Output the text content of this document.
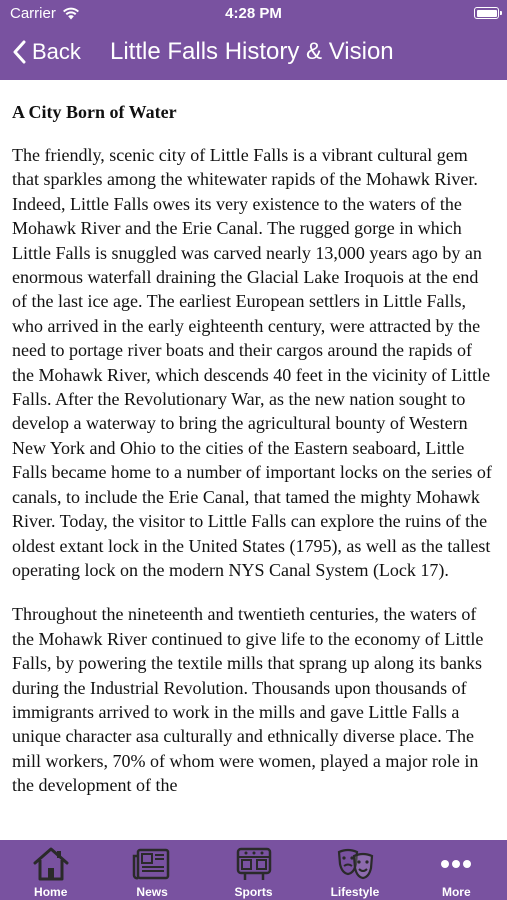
Carrier	4:28 PM
Back Little Falls History & Vision
A City Born of Water

The friendly, scenic city of Little Falls is a vibrant cultural gem that sparkles among the whitewater rapids of the Mohawk River. Indeed, Little Falls owes its very existence to the waters of the Mohawk River and the Erie Canal. The rugged gorge in which Little Falls is snuggled was carved nearly 13,000 years ago by an enormous waterfall draining the Glacial Lake Iroquois at the end of the last ice age. The earliest European settlers in Little Falls, who arrived in the early eighteenth century, were attracted by the need to portage river boats and their cargos around the rapids of the Mohawk River, which descends 40 feet in the vicinity of Little Falls. After the Revolutionary War, as the new nation sought to develop a waterway to bring the agricultural bounty of Western New York and Ohio to the cities of the Eastern seaboard, Little Falls became home to a number of important locks on the series of canals, to include the Erie Canal, that tamed the mighty Mohawk River. Today, the visitor to Little Falls can explore the ruins of the oldest extant lock in the United States (1795), as well as the tallest operating lock on the modern NYS Canal System (Lock 17).

Throughout the nineteenth and twentieth centuries, the waters of the Mohawk River continued to give life to the economy of Little Falls, by powering the textile mills that sprang up along its banks during the Industrial Revolution. Thousands upon thousands of immigrants arrived to work in the mills and gave Little Falls a unique character asa culturally and ethnically diverse place. The mill workers, 70% of whom were women, played a major role in the development of the

Home	News	Sports	Lifestyle	More
